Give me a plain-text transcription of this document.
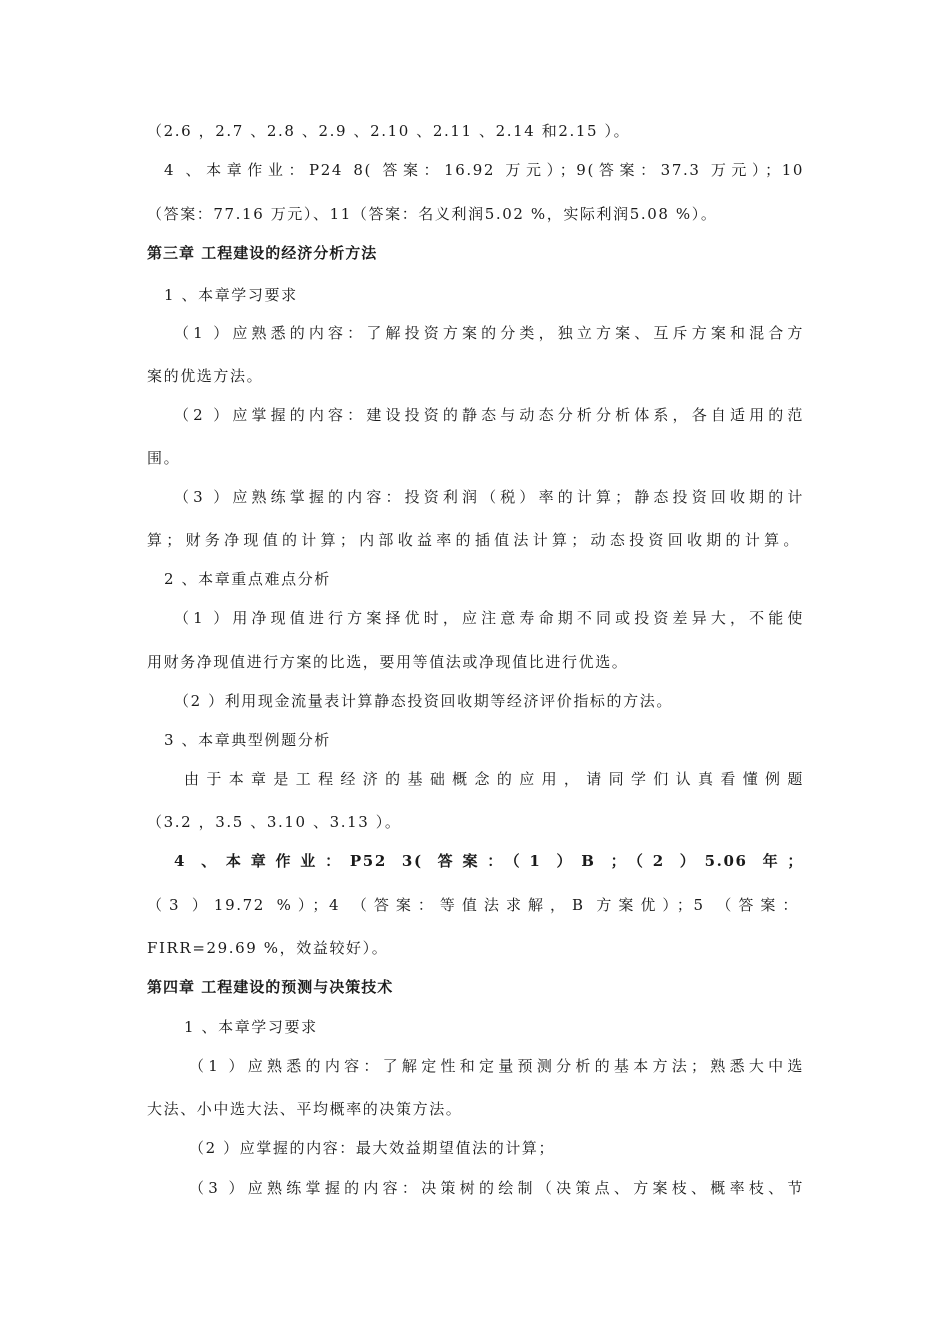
（2.6 ，2.7 、2.8 、2.9 、2.10 、2.11 、2.14 和2.15 ）。
4 、本章作业：P24 8( 答案：16.92 万元）；9(答案：37.3 万元）；10
（答案：77.16 万元）、11（答案：名义利润5.02 %，实际利润5.08 %）。
第三章 工程建设的经济分析方法
1 、本章学习要求
（1 ）应熟悉的内容：了解投资方案的分类，独立方案、互斥方案和混合方
案的优选方法。
（2 ）应掌握的内容：建设投资的静态与动态分析分析体系，各自适用的范
围。
（3 ）应熟练掌握的内容：投资利润（税）率的计算；静态投资回收期的计
算；财务净现值的计算；内部收益率的插值法计算；动态投资回收期的计算。
2 、本章重点难点分析
（1 ）用净现值进行方案择优时，应注意寿命期不同或投资差异大，不能使
用财务净现值进行方案的比选，要用等值法或净现值比进行优选。
（2 ）利用现金流量表计算静态投资回收期等经济评价指标的方法。
3 、本章典型例题分析
由于本章是工程经济的基础概念的应用，请同学们认真看懂例题
（3.2 ，3.5 、3.10 、3.13 ）。
4 、本章作业：P52 3( 答案：（1 ）B ；（2 ）5.06 年；
（3 ）19.72 %）；4 （答案：等值法求解，B 方案优）；5 （答案：
FIRR=29.69 %，效益较好）。
第四章 工程建设的预测与决策技术
1 、本章学习要求
（1 ）应熟悉的内容：了解定性和定量预测分析的基本方法；熟悉大中选
大法、小中选大法、平均概率的决策方法。
（2 ）应掌握的内容：最大效益期望值法的计算；
（3 ）应熟练掌握的内容：决策树的绘制（决策点、方案枝、概率枝、节
